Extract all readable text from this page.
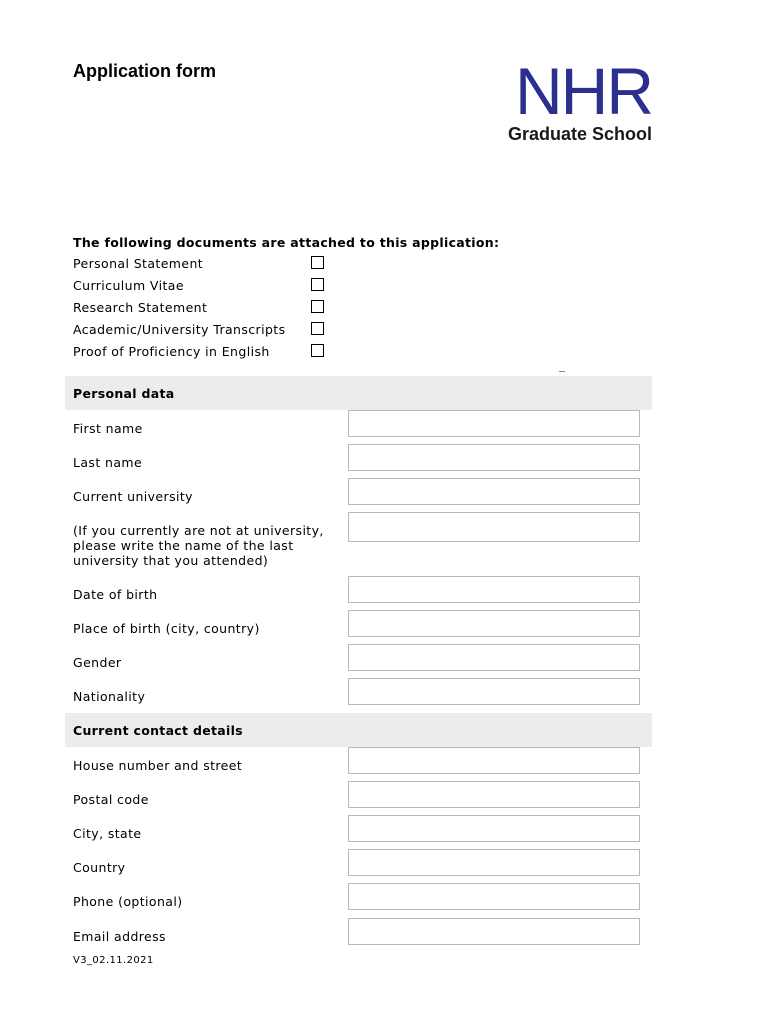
Application form	NHR
Graduate School
The following documents are attached to this application:
Personal Statement
Curriculum Vitae
Research Statement
Academic/University Transcripts
Proof of Proficiency in English
Personal data
First name
Last name
Current university
(If you currently are not at university, please write the name of the last university that you attended)
Date of birth
Place of birth (city, country)
Gender
Nationality
Current contact details
House number and street
Postal code
City, state
Country
Phone (optional)
Email address
V3_02.11.2021
